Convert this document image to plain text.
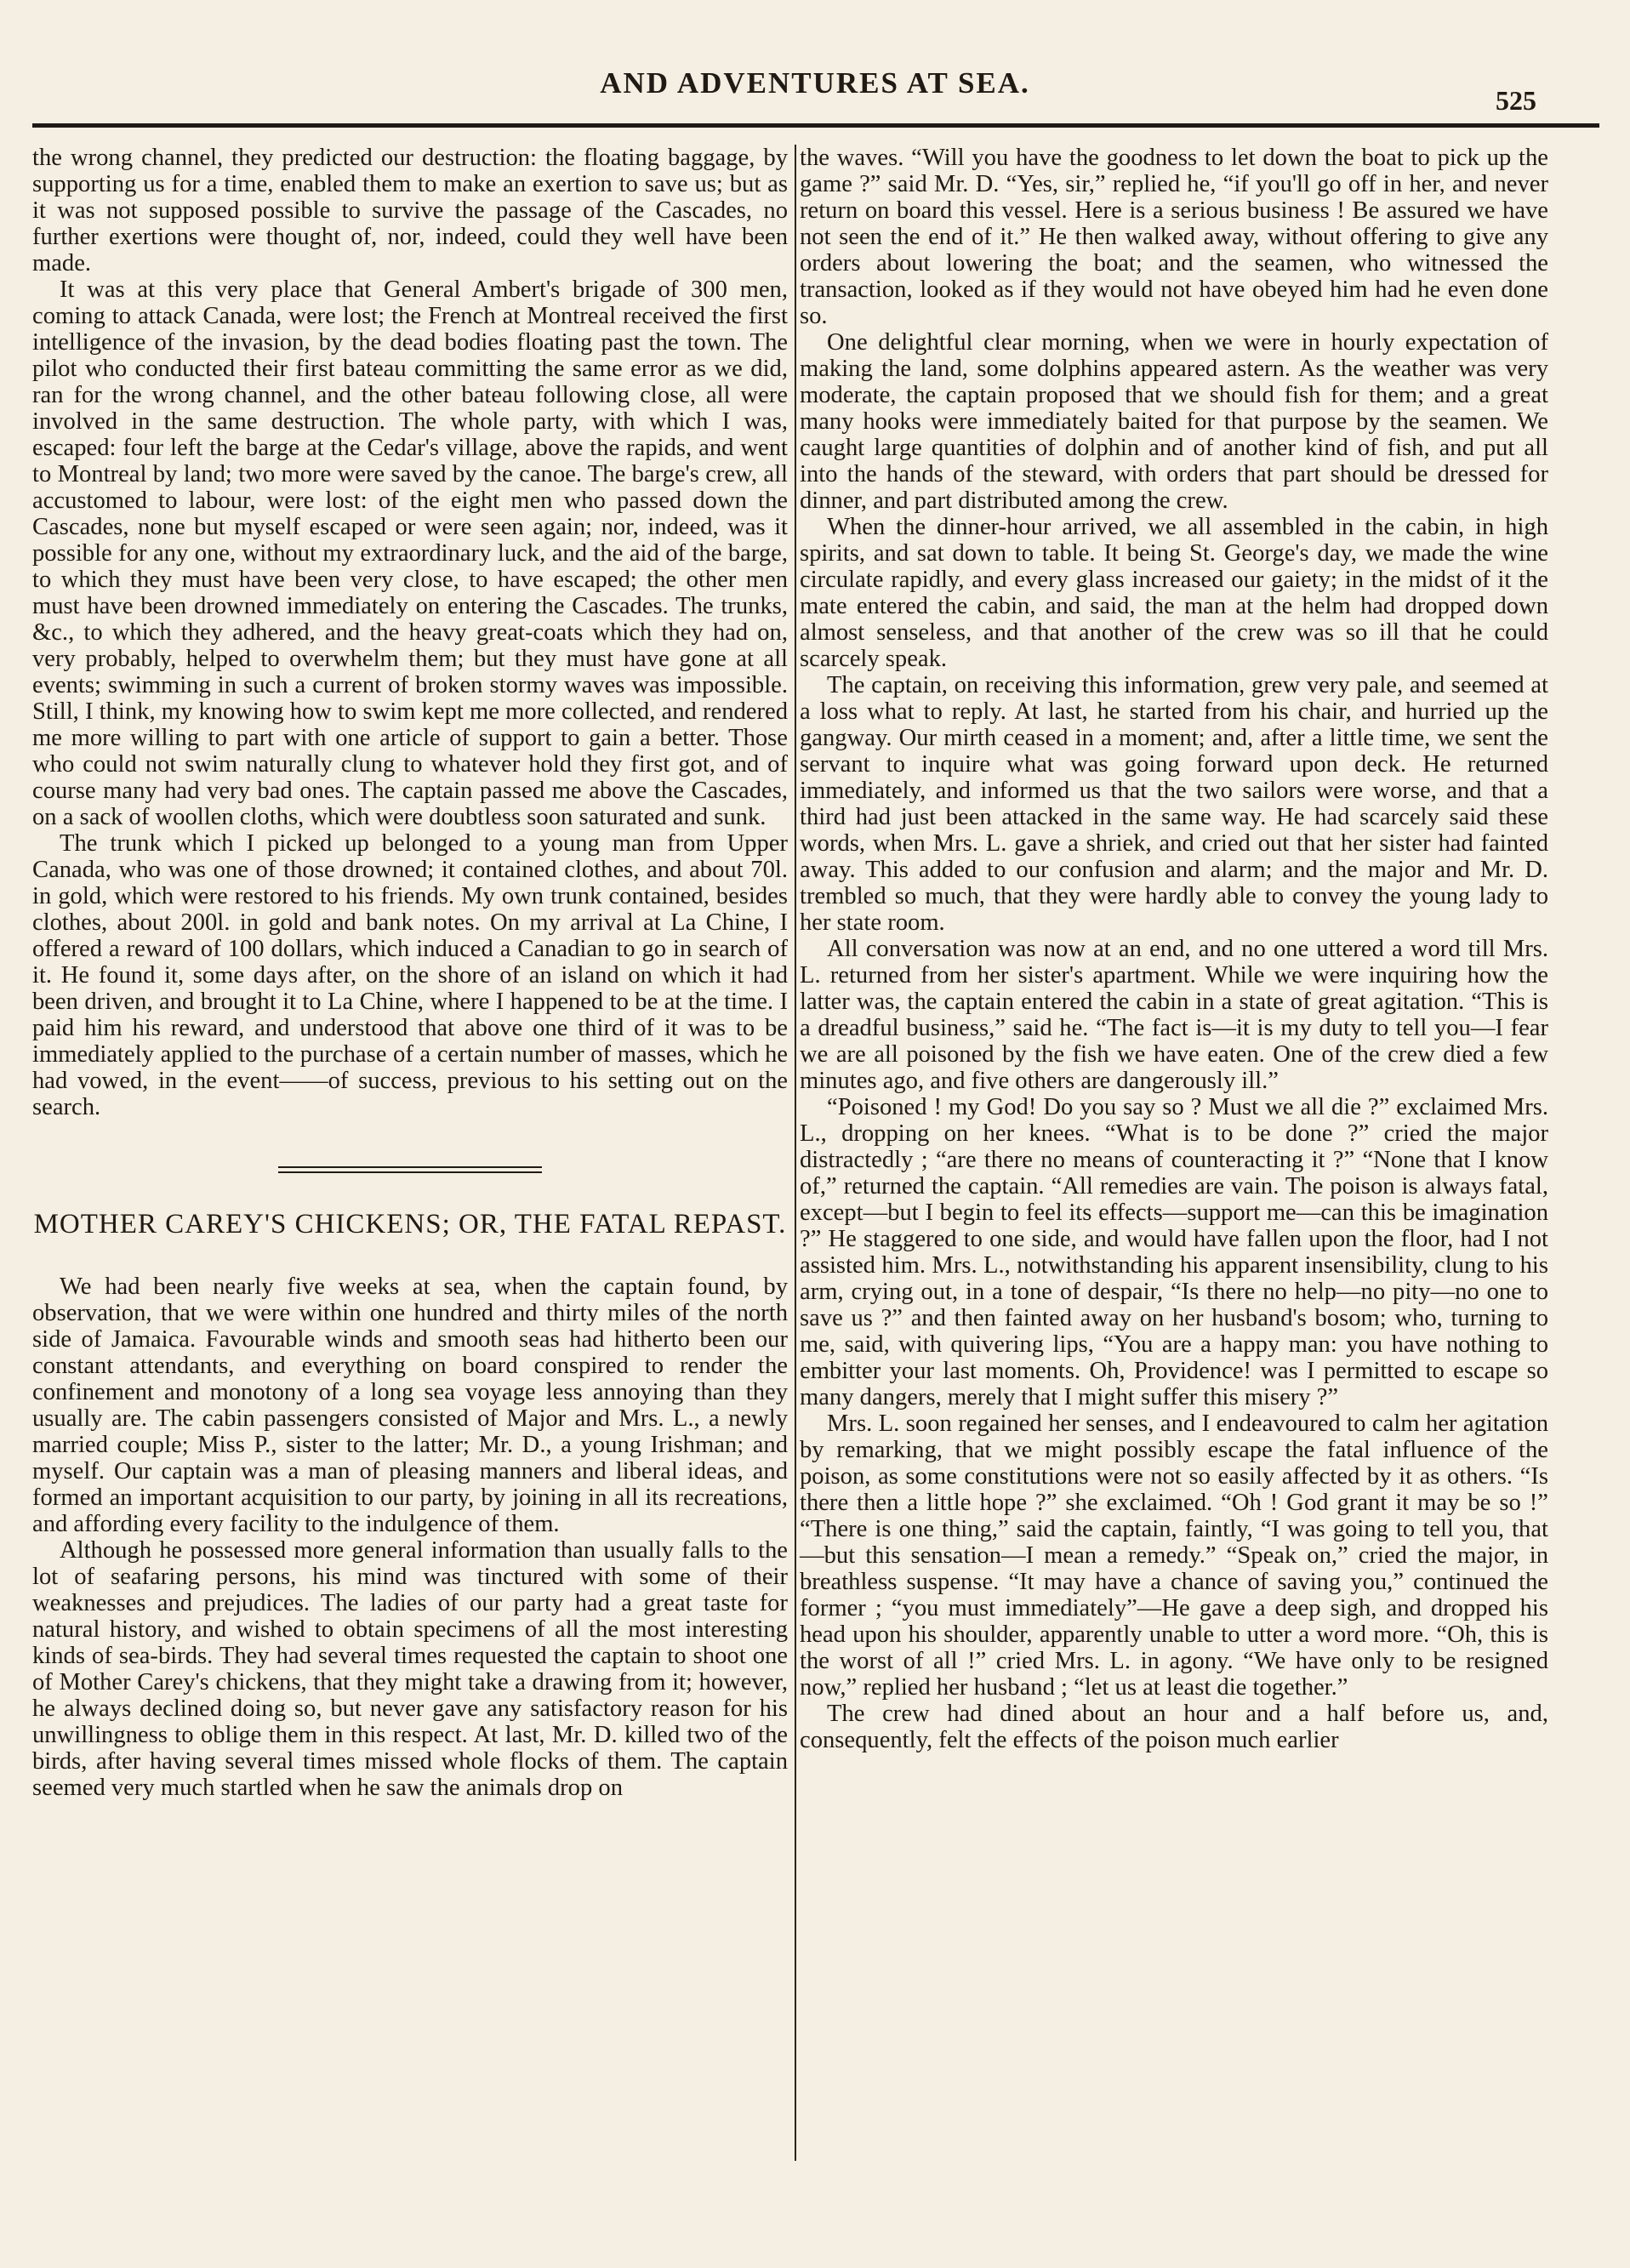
AND ADVENTURES AT SEA.
525

the wrong channel, they predicted our destruction: the floating baggage, by supporting us for a time, enabled them to make an exertion to save us; but as it was not supposed possible to survive the passage of the Cascades, no further exertions were thought of, nor, indeed, could they well have been made.

It was at this very place that General Ambert's brigade of 300 men, coming to attack Canada, were lost; the French at Montreal received the first intelligence of the invasion, by the dead bodies floating past the town. The pilot who conducted their first bateau committing the same error as we did, ran for the wrong channel, and the other bateau following close, all were involved in the same destruction. The whole party, with which I was, escaped: four left the barge at the Cedar's village, above the rapids, and went to Montreal by land; two more were saved by the canoe. The barge's crew, all accustomed to labour, were lost: of the eight men who passed down the Cascades, none but myself escaped or were seen again; nor, indeed, was it possible for any one, without my extraordinary luck, and the aid of the barge, to which they must have been very close, to have escaped; the other men must have been drowned immediately on entering the Cascades. The trunks, &c., to which they adhered, and the heavy great-coats which they had on, very probably, helped to overwhelm them; but they must have gone at all events; swimming in such a current of broken stormy waves was impossible. Still, I think, my knowing how to swim kept me more collected, and rendered me more willing to part with one article of support to gain a better. Those who could not swim naturally clung to whatever hold they first got, and of course many had very bad ones. The captain passed me above the Cascades, on a sack of woollen cloths, which were doubtless soon saturated and sunk.

The trunk which I picked up belonged to a young man from Upper Canada, who was one of those drowned; it contained clothes, and about 70l. in gold, which were restored to his friends. My own trunk contained, besides clothes, about 200l. in gold and bank notes. On my arrival at La Chine, I offered a reward of 100 dollars, which induced a Canadian to go in search of it. He found it, some days after, on the shore of an island on which it had been driven, and brought it to La Chine, where I happened to be at the time. I paid him his reward, and understood that above one third of it was to be immediately applied to the purchase of a certain number of masses, which he had vowed, in the event——of success, previous to his setting out on the search.

MOTHER CAREY'S CHICKENS; OR, THE FATAL REPAST.

We had been nearly five weeks at sea, when the captain found, by observation, that we were within one hundred and thirty miles of the north side of Jamaica. Favourable winds and smooth seas had hitherto been our constant attendants, and everything on board conspired to render the confinement and monotony of a long sea voyage less annoying than they usually are. The cabin passengers consisted of Major and Mrs. L., a newly married couple; Miss P., sister to the latter; Mr. D., a young Irishman; and myself. Our captain was a man of pleasing manners and liberal ideas, and formed an important acquisition to our party, by joining in all its recreations, and affording every facility to the indulgence of them.

Although he possessed more general information than usually falls to the lot of seafaring persons, his mind was tinctured with some of their weaknesses and prejudices. The ladies of our party had a great taste for natural history, and wished to obtain specimens of all the most interesting kinds of sea-birds. They had several times requested the captain to shoot one of Mother Carey's chickens, that they might take a drawing from it; however, he always declined doing so, but never gave any satisfactory reason for his unwillingness to oblige them in this respect. At last, Mr. D. killed two of the birds, after having several times missed whole flocks of them. The captain seemed very much startled when he saw the animals drop on

the waves. “Will you have the goodness to let down the boat to pick up the game ?” said Mr. D. “Yes, sir,” replied he, “if you'll go off in her, and never return on board this vessel. Here is a serious business ! Be assured we have not seen the end of it.” He then walked away, without offering to give any orders about lowering the boat; and the seamen, who witnessed the transaction, looked as if they would not have obeyed him had he even done so.

One delightful clear morning, when we were in hourly expectation of making the land, some dolphins appeared astern. As the weather was very moderate, the captain proposed that we should fish for them; and a great many hooks were immediately baited for that purpose by the seamen. We caught large quantities of dolphin and of another kind of fish, and put all into the hands of the steward, with orders that part should be dressed for dinner, and part distributed among the crew.

When the dinner-hour arrived, we all assembled in the cabin, in high spirits, and sat down to table. It being St. George's day, we made the wine circulate rapidly, and every glass increased our gaiety; in the midst of it the mate entered the cabin, and said, the man at the helm had dropped down almost senseless, and that another of the crew was so ill that he could scarcely speak.

The captain, on receiving this information, grew very pale, and seemed at a loss what to reply. At last, he started from his chair, and hurried up the gangway. Our mirth ceased in a moment; and, after a little time, we sent the servant to inquire what was going forward upon deck. He returned immediately, and informed us that the two sailors were worse, and that a third had just been attacked in the same way. He had scarcely said these words, when Mrs. L. gave a shriek, and cried out that her sister had fainted away. This added to our confusion and alarm; and the major and Mr. D. trembled so much, that they were hardly able to convey the young lady to her state room.

All conversation was now at an end, and no one uttered a word till Mrs. L. returned from her sister's apartment. While we were inquiring how the latter was, the captain entered the cabin in a state of great agitation. “This is a dreadful business,” said he. “The fact is—it is my duty to tell you—I fear we are all poisoned by the fish we have eaten. One of the crew died a few minutes ago, and five others are dangerously ill.”

“Poisoned ! my God! Do you say so ? Must we all die ?” exclaimed Mrs. L., dropping on her knees. “What is to be done ?” cried the major distractedly ; “are there no means of counteracting it ?” “None that I know of,” returned the captain. “All remedies are vain. The poison is always fatal, except—but I begin to feel its effects—support me—can this be imagination ?” He staggered to one side, and would have fallen upon the floor, had I not assisted him. Mrs. L., notwithstanding his apparent insensibility, clung to his arm, crying out, in a tone of despair, “Is there no help—no pity—no one to save us ?” and then fainted away on her husband's bosom; who, turning to me, said, with quivering lips, “You are a happy man: you have nothing to embitter your last moments. Oh, Providence! was I permitted to escape so many dangers, merely that I might suffer this misery ?”

Mrs. L. soon regained her senses, and I endeavoured to calm her agitation by remarking, that we might possibly escape the fatal influence of the poison, as some constitutions were not so easily affected by it as others. “Is there then a little hope ?” she exclaimed. “Oh ! God grant it may be so !” “There is one thing,” said the captain, faintly, “I was going to tell you, that—but this sensation—I mean a remedy.” “Speak on,” cried the major, in breathless suspense. “It may have a chance of saving you,” continued the former ; “you must immediately”—He gave a deep sigh, and dropped his head upon his shoulder, apparently unable to utter a word more. “Oh, this is the worst of all !” cried Mrs. L. in agony. “We have only to be resigned now,” replied her husband ; “let us at least die together.”

The crew had dined about an hour and a half before us, and, consequently, felt the effects of the poison much earlier
